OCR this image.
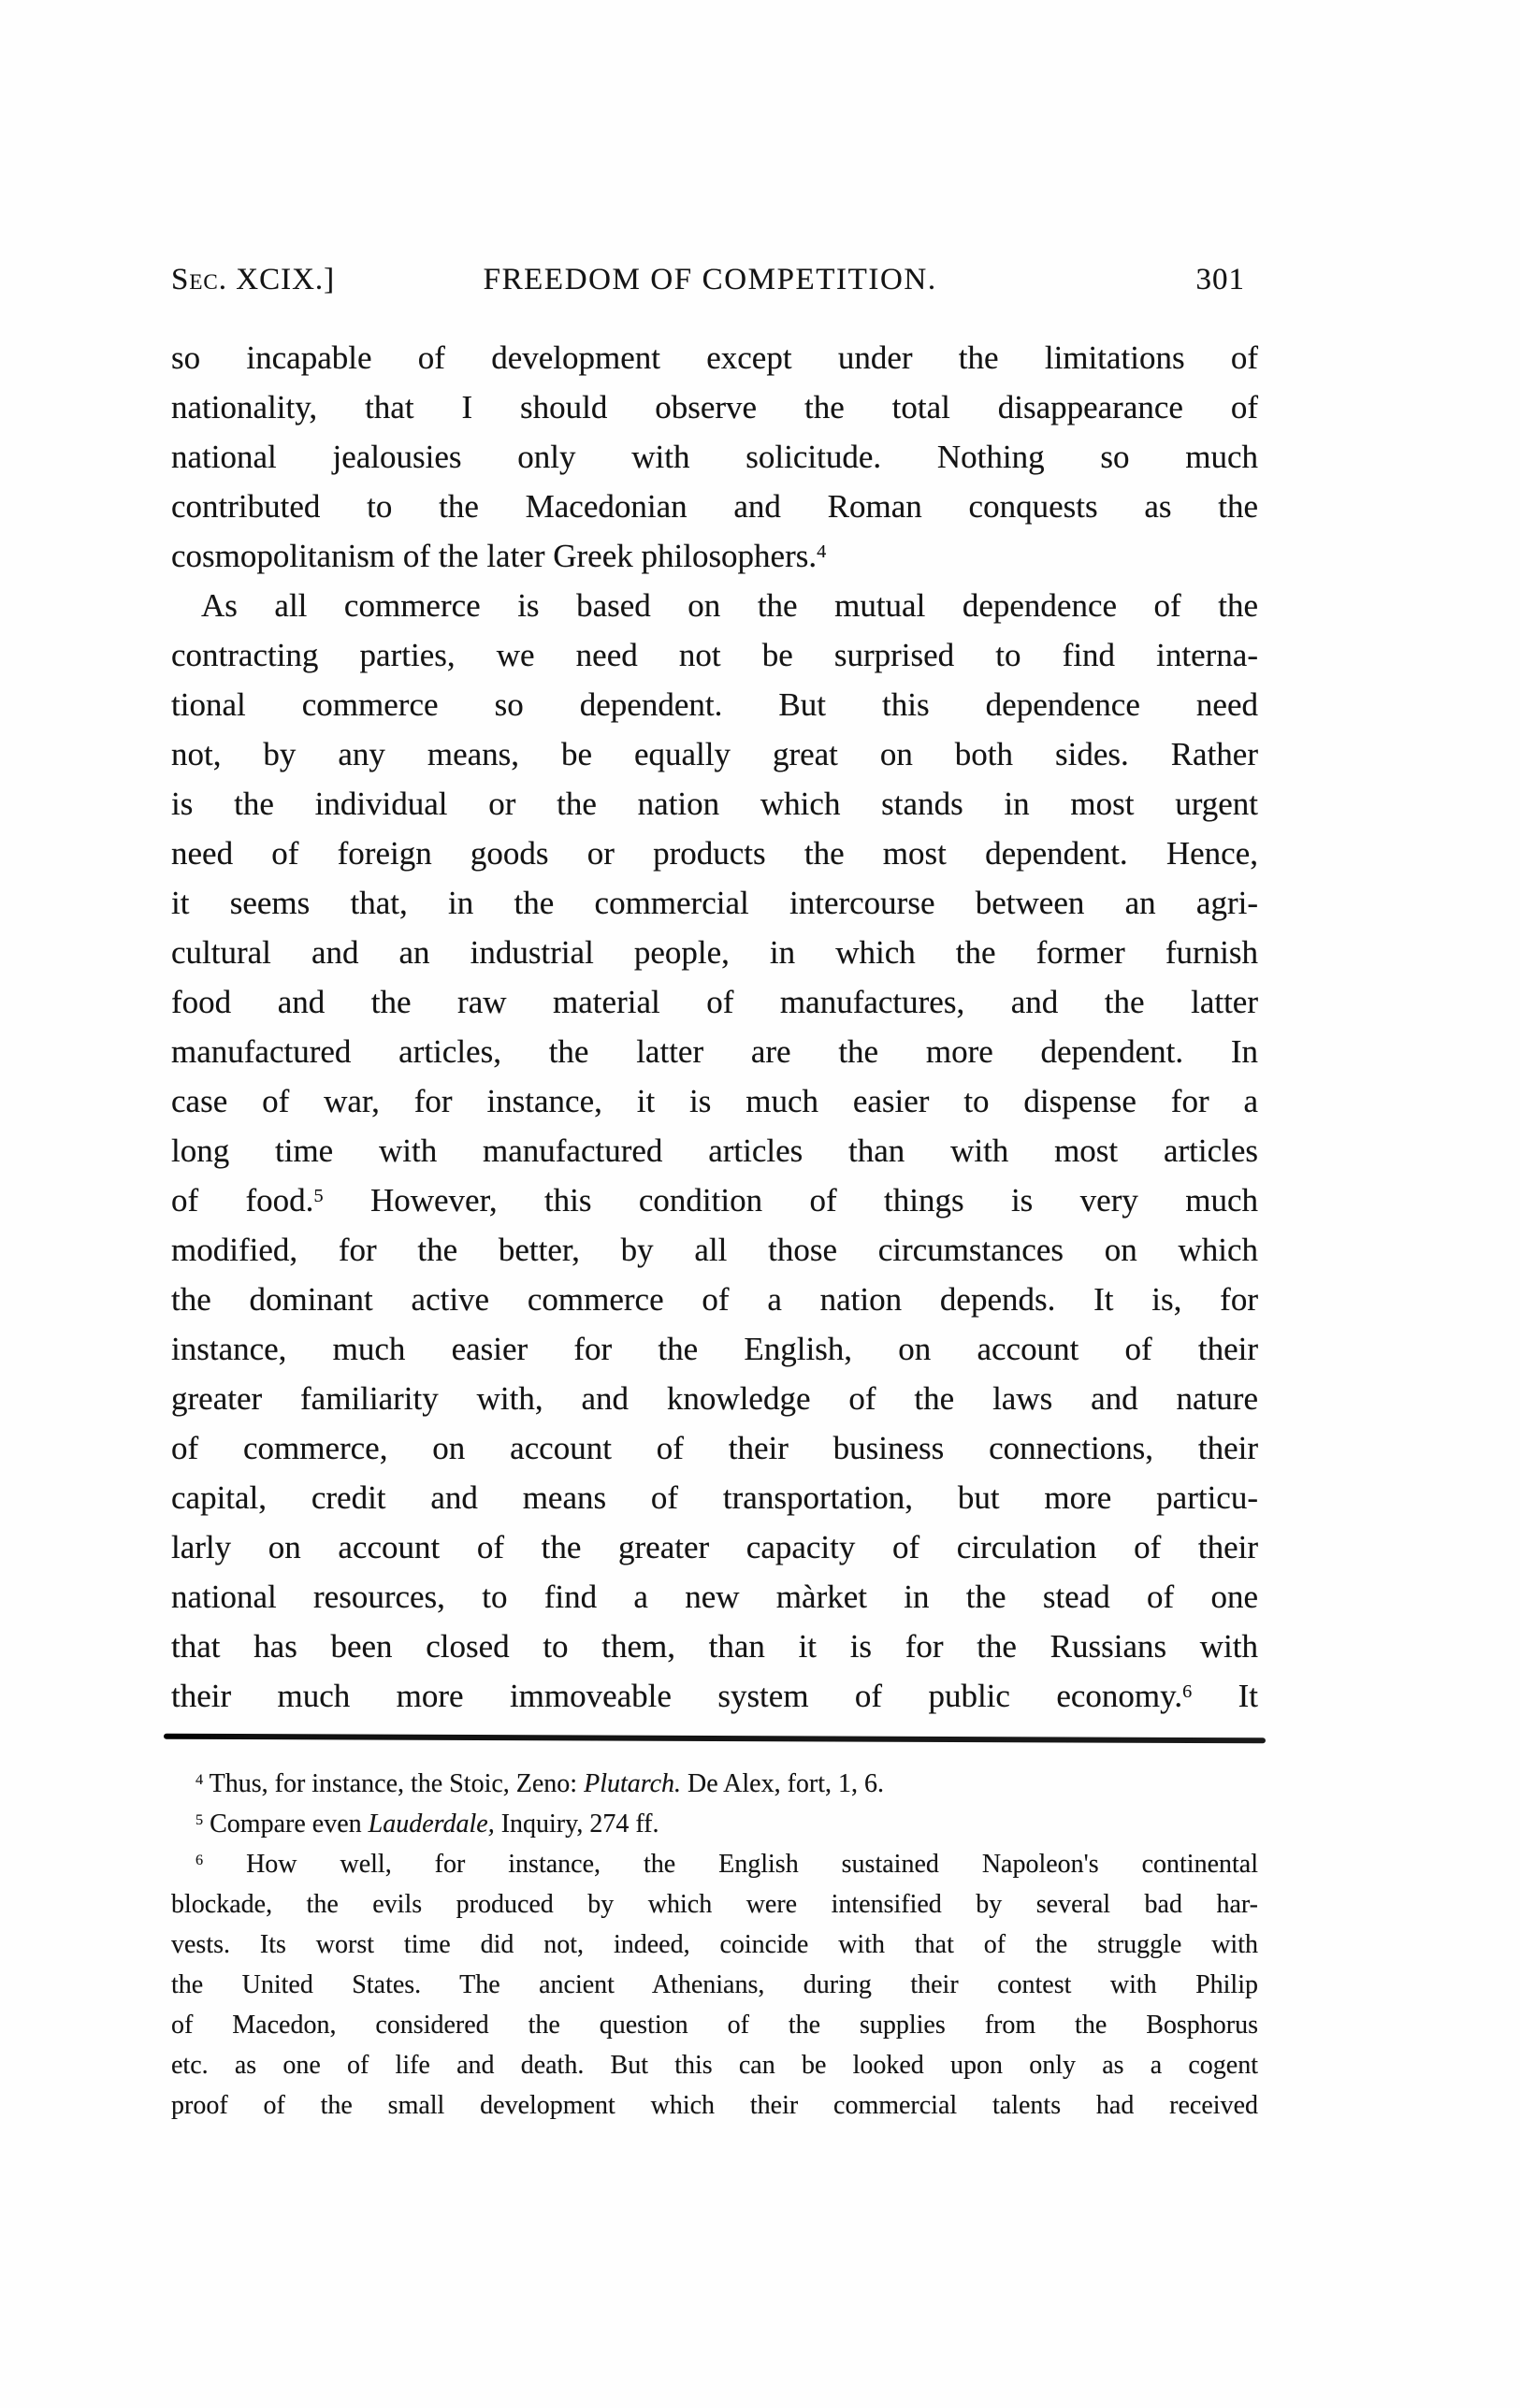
Sec. XCIX.]	FREEDOM OF COMPETITION.	301
so incapable of development except under the limitations of
nationality, that I should observe the total disappearance of
national jealousies only with solicitude. Nothing so much
contributed to the Macedonian and Roman conquests as the
cosmopolitanism of the later Greek philosophers.$^4$
As all commerce is based on the mutual dependence of the
contracting parties, we need not be surprised to find interna-
tional commerce so dependent. But this dependence need
not, by any means, be equally great on both sides. Rather
is the individual or the nation which stands in most urgent
need of foreign goods or products the most dependent. Hence,
it seems that, in the commercial intercourse between an agri-
cultural and an industrial people, in which the former furnish
food and the raw material of manufactures, and the latter
manufactured articles, the latter are the more dependent. In
case of war, for instance, it is much easier to dispense for a
long time with manufactured articles than with most articles
of food.$^5$ However, this condition of things is very much
modified, for the better, by all those circumstances on which
the dominant active commerce of a nation depends. It is, for
instance, much easier for the English, on account of their
greater familiarity with, and knowledge of the laws and nature
of commerce, on account of their business connections, their
capital, credit and means of transportation, but more particu-
larly on account of the greater capacity of circulation of their
national resources, to find a new màrket in the stead of one
that has been closed to them, than it is for the Russians with
their much more immoveable system of public economy.$^6$ It
$^4$ Thus, for instance, the Stoic, Zeno: Plutarch. De Alex, fort, 1, 6.
$^5$ Compare even Lauderdale, Inquiry, 274 ff.
$^6$ How well, for instance, the English sustained Napoleon's continental
blockade, the evils produced by which were intensified by several bad har-
vests. Its worst time did not, indeed, coincide with that of the struggle with
the United States. The ancient Athenians, during their contest with Philip
of Macedon, considered the question of the supplies from the Bosphorus
etc. as one of life and death. But this can be looked upon only as a cogent
proof of the small development which their commercial talents had received
